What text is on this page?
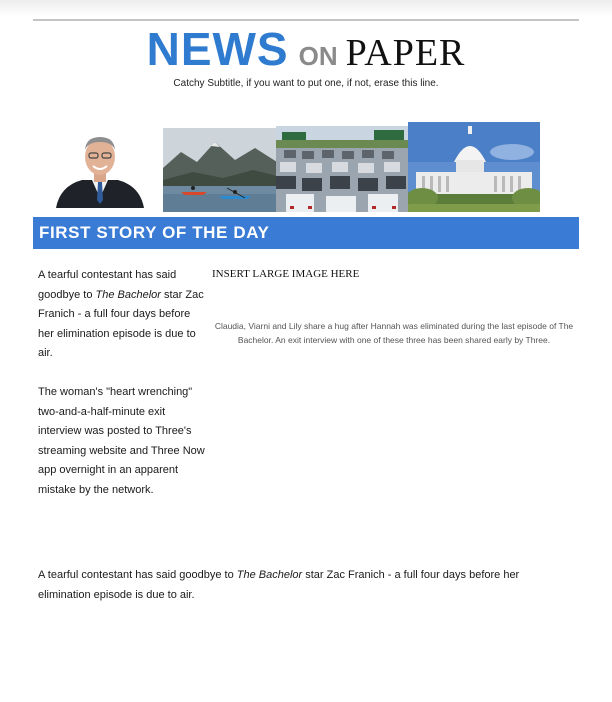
NEWS ON PAPER
Catchy Subtitle, if you want to put one, if not, erase this line.
FIRST STORY OF THE DAY

A tearful contestant has said goodbye to The Bachelor star Zac Franich - a full four days before her elimination episode is due to air.

The woman's "heart wrenching" two-and-a-half-minute exit interview was posted to Three's streaming website and Three Now app overnight in an apparent mistake by the network.

INSERT LARGE IMAGE HERE
Claudia, Viarni and Lily share a hug after Hannah was eliminated during the last episode of The Bachelor. An exit interview with one of these three has been shared early by Three.

A tearful contestant has said goodbye to The Bachelor star Zac Franich - a full four days before her elimination episode is due to air.
